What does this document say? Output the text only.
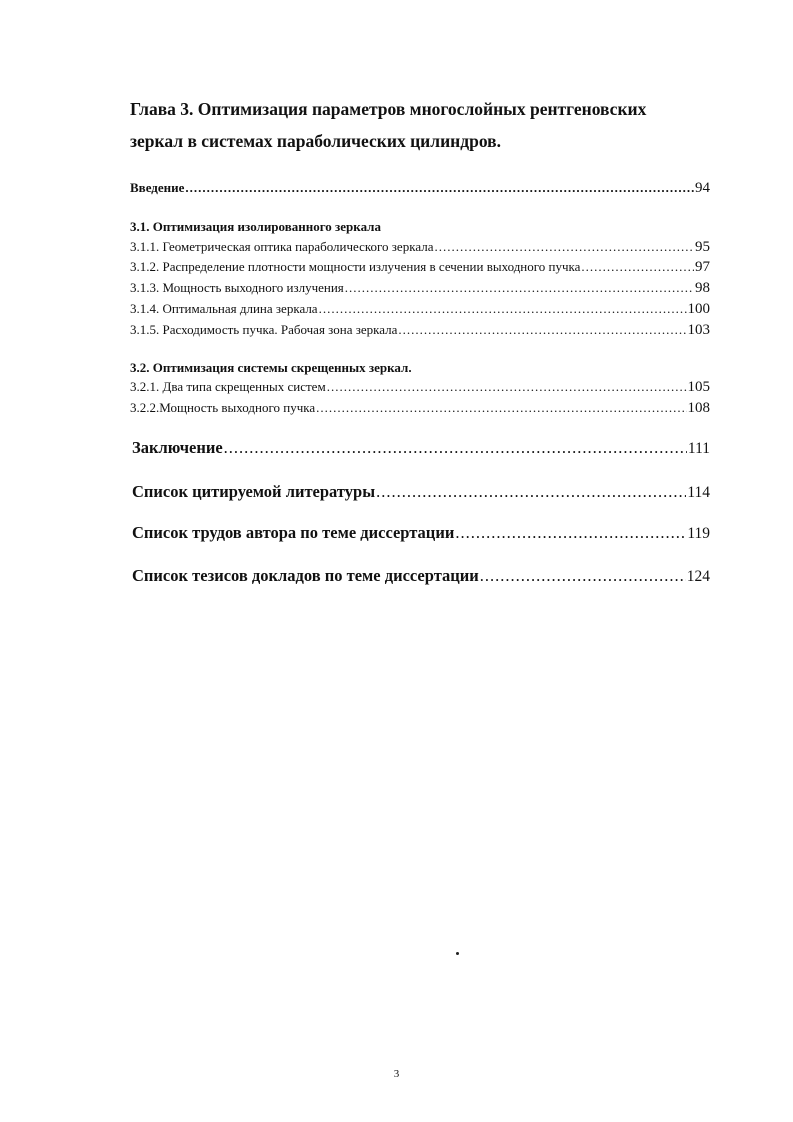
Глава 3. Оптимизация параметров многослойных рентгеновских
зеркал в системах параболических цилиндров.
Введение .....	94
3.1. Оптимизация изолированного зеркала
3.1.1. Геометрическая оптика параболического зеркала .....	95
3.1.2. Распределение плотности мощности излучения в сечении выходного пучка .....	97
3.1.3. Мощность выходного излучения .....	98
3.1.4. Оптимальная длина зеркала .....	100
3.1.5. Расходимость пучка. Рабочая зона зеркала .....	103
3.2. Оптимизация системы скрещенных зеркал.
3.2.1. Два типа скрещенных систем .....	105
3.2.2.Мощность выходного пучка .....	108
Заключение .....	111
Список цитируемой литературы .....	114
Список трудов автора по теме диссертации .....	119
Список тезисов докладов по теме диссертации .....	124
3
